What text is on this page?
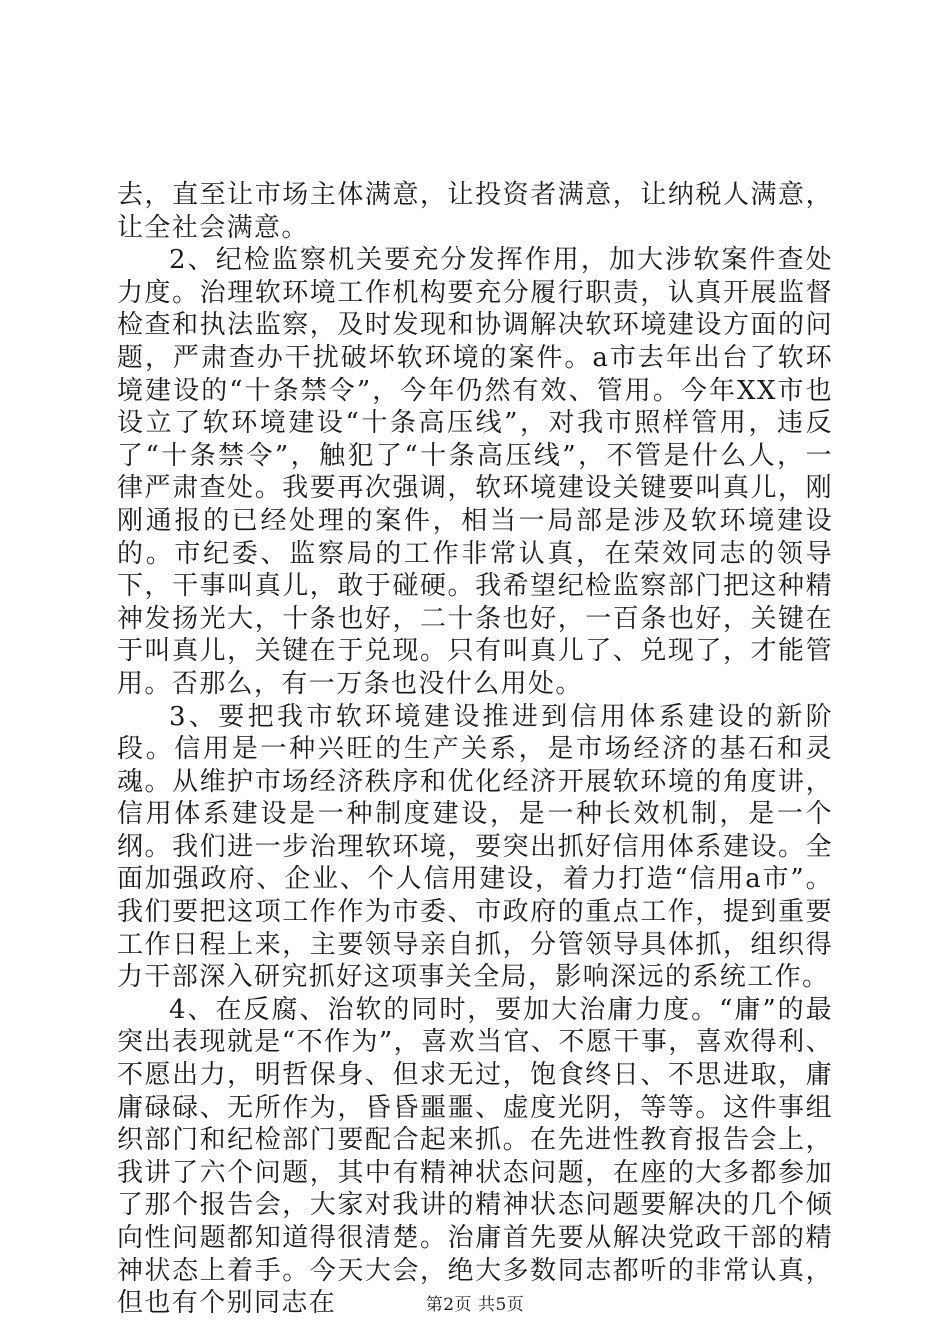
去，直至让市场主体满意，让投资者满意，让纳税人满意，让全社会满意。

2、纪检监察机关要充分发挥作用，加大涉软案件查处力度。治理软环境工作机构要充分履行职责，认真开展监督检查和执法监察，及时发现和协调解决软环境建设方面的问题，严肃查办干扰破坏软环境的案件。a市去年出台了软环境建设的“十条禁令”，今年仍然有效、管用。今年XX市也设立了软环境建设“十条高压线”，对我市照样管用，违反了“十条禁令”，触犯了“十条高压线”，不管是什么人，一律严肃查处。我要再次强调，软环境建设关键要叫真儿，刚刚通报的已经处理的案件，相当一局部是涉及软环境建设的。市纪委、监察局的工作非常认真，在荣效同志的领导下，干事叫真儿，敢于碰硬。我希望纪检监察部门把这种精神发扬光大，十条也好，二十条也好，一百条也好，关键在于叫真儿，关键在于兑现。只有叫真儿了、兑现了，才能管用。否那么，有一万条也没什么用处。

3、要把我市软环境建设推进到信用体系建设的新阶段。信用是一种兴旺的生产关系，是市场经济的基石和灵魂。从维护市场经济秩序和优化经济开展软环境的角度讲，信用体系建设是一种制度建设，是一种长效机制，是一个纲。我们进一步治理软环境，要突出抓好信用体系建设。全面加强政府、企业、个人信用建设，着力打造“信用a市”。我们要把这项工作作为市委、市政府的重点工作，提到重要工作日程上来，主要领导亲自抓，分管领导具体抓，组织得力干部深入研究抓好这项事关全局，影响深远的系统工作。

4、在反腐、治软的同时，要加大治庸力度。“庸”的最突出表现就是“不作为”，喜欢当官、不愿干事，喜欢得利、不愿出力，明哲保身、但求无过，饱食终日、不思进取，庸庸碌碌、无所作为，昏昏噩噩、虚度光阴，等等。这件事组织部门和纪检部门要配合起来抓。在先进性教育报告会上，我讲了六个问题，其中有精神状态问题，在座的大多都参加了那个报告会，大家对我讲的精神状态问题要解决的几个倾向性问题都知道得很清楚。治庸首先要从解决党政干部的精神状态上着手。今天大会，绝大多数同志都听的非常认真，但也有个别同志在	第2页 共5页
